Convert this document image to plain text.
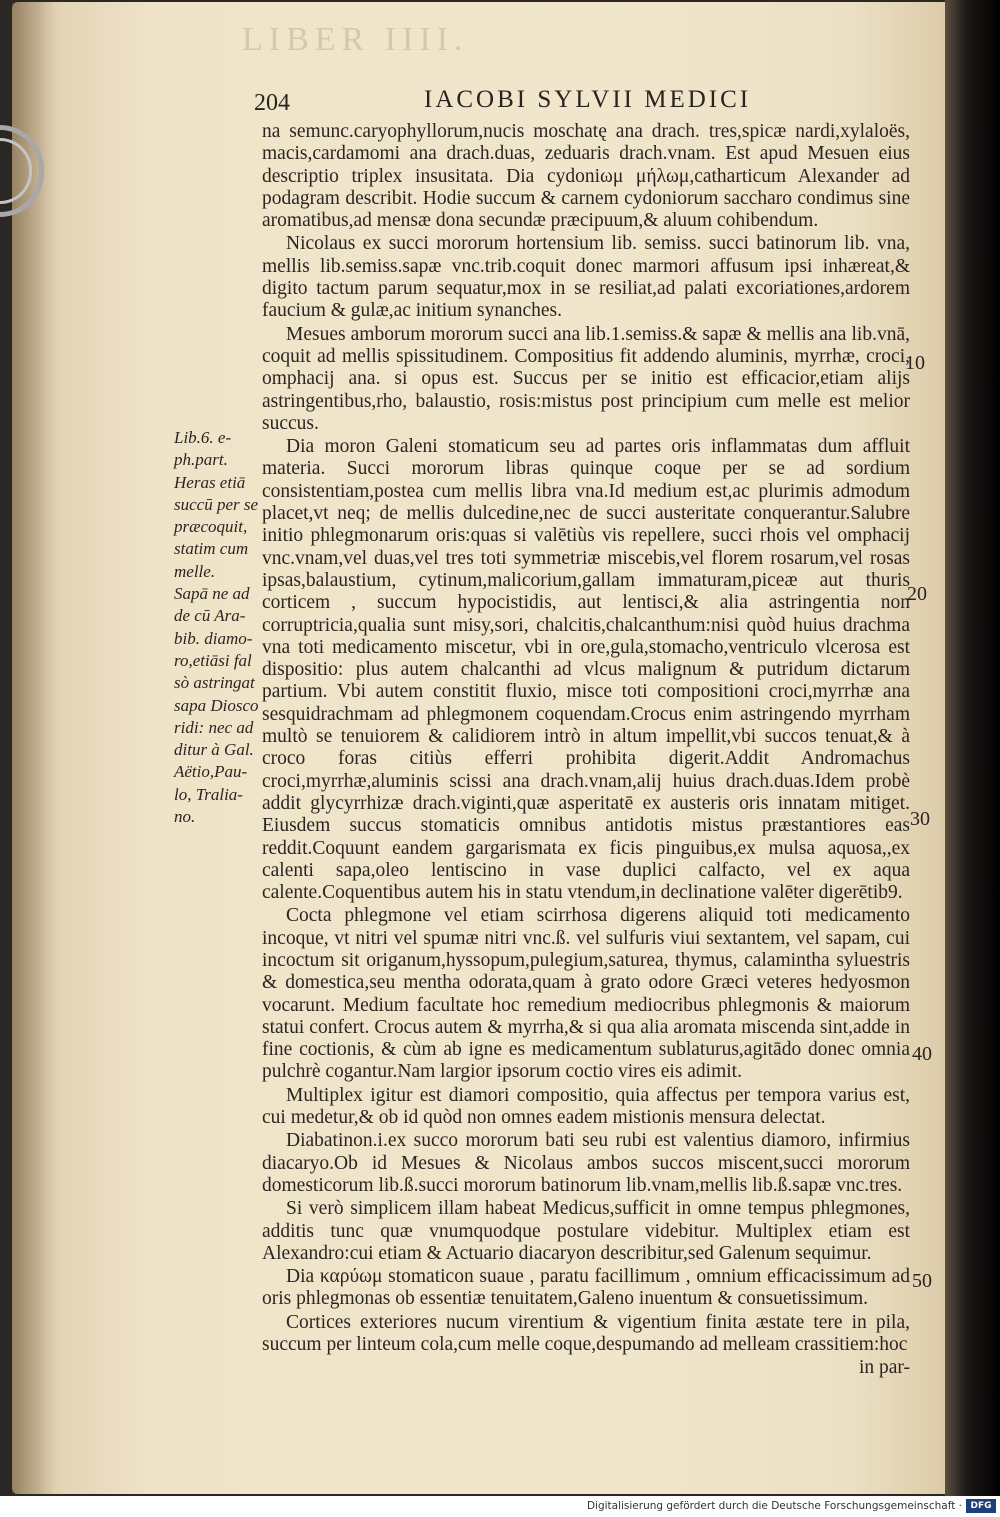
LIBER IIII.
204	IACOBI SYLVII MEDICI

na semunc.caryophyllorum,nucis moschatę ana drach. tres,spicæ nardi,xylaloës, macis,cardamomi ana drach.duas, zeduaris drach.vnam. Est apud Mesuen eius descriptio triplex insusitata. Dia cydoniωμ μήλωμ,catharticum Alexander ad podagram describit. Hodie succum & carnem cydoniorum saccharo condimus sine aromatibus,ad mensæ dona secundæ præcipuum,& aluum cohibendum.

Nicolaus ex succi mororum hortensium lib. semiss. succi batinorum lib. vna, mellis lib.semiss.sapæ vnc.trib.coquit donec marmori affusum ipsi inhæreat,& digito tactum parum sequatur,mox in se resiliat,ad palati excoriationes,ardorem faucium & gulæ,ac initium synanches.

Mesues amborum mororum succi ana lib.1.semiss.& sapæ & mellis ana lib.vnā, coquit ad mellis spissitudinem. Compositius fit addendo aluminis, myrrhæ, croci, omphacij ana. si opus est. Succus per se initio est efficacior,etiam alijs astringentibus,rho, balaustio, rosis:mistus post principium cum melle est melior succus.

Dia moron Galeni stomaticum seu ad partes oris inflammatas dum affluit materia. Succi mororum libras quinque coque per se ad sordium consistentiam,postea cum mellis libra vna.Id medium est,ac plurimis admodum placet,vt neq; de mellis dulcedine,nec de succi austeritate conquerantur.Salubre initio phlegmonarum oris:quas si valētiùs vis repellere, succi rhois vel omphacij vnc.vnam,vel duas,vel tres toti symmetriæ miscebis,vel florem rosarum,vel rosas ipsas,balaustium, cytinum,malicorium,gallam immaturam,piceæ aut thuris corticem , succum hypocistidis, aut lentisci,& alia astringentia non corruptricia,qualia sunt misy,sori, chalcitis,chalcanthum:nisi quòd huius drachma vna toti medicamento miscetur, vbi in ore,gula,stomacho,ventriculo vlcerosa est dispositio: plus autem chalcanthi ad vlcus malignum & putridum dictarum partium. Vbi autem constitit fluxio, misce toti compositioni croci,myrrhæ ana sesquidrachmam ad phlegmonem coquendam.Crocus enim astringendo myrrham multò se tenuiorem & calidiorem intrò in altum impellit,vbi succos tenuat,& à croco foras citiùs efferri prohibita digerit.Addit Andromachus croci,myrrhæ,aluminis scissi ana drach.vnam,alij huius drach.duas.Idem probè addit glycyrrhizæ drach.viginti,quæ asperitatē ex austeris oris innatam mitiget. Eiusdem succus stomaticis omnibus antidotis mistus præstantiores eas reddit.Coquunt eandem gargarismata ex ficis pinguibus,ex mulsa aquosa,,ex calenti sapa,oleo lentiscino in vase duplici calfacto, vel ex aqua calente.Coquentibus autem his in statu vtendum,in declinatione valēter digerētib9.

Cocta phlegmone vel etiam scirrhosa digerens aliquid toti medicamento incoque, vt nitri vel spumæ nitri vnc.ß. vel sulfuris viui sextantem, vel sapam, cui incoctum sit origanum,hyssopum,pulegium,saturea, thymus, calamintha syluestris & domestica,seu mentha odorata,quam à grato odore Græci veteres hedyosmon vocarunt. Medium facultate hoc remedium mediocribus phlegmonis & maiorum statui confert. Crocus autem & myrrha,& si qua alia aromata miscenda sint,adde in fine coctionis, & cùm ab igne es medicamentum sublaturus,agitādo donec omnia pulchrè cogantur.Nam largior ipsorum coctio vires eis adimit.

Multiplex igitur est diamori compositio, quia affectus per tempora varius est, cui medetur,& ob id quòd non omnes eadem mistionis mensura delectat.

Diabatinon.i.ex succo mororum bati seu rubi est valentius diamoro, infirmius diacaryo.Ob id Mesues & Nicolaus ambos succos miscent,succi mororum domesticorum lib.ß.succi mororum batinorum lib.vnam,mellis lib.ß.sapæ vnc.tres.

Si verò simplicem illam habeat Medicus,sufficit in omne tempus phlegmones, additis tunc quæ vnumquodque postulare videbitur. Multiplex etiam est Alexandro:cui etiam & Actuario diacaryon describitur,sed Galenum sequimur.

Dia καρύωμ stomaticon suaue , paratu facillimum , omnium efficacissimum ad oris phlegmonas ob essentiæ tenuitatem,Galeno inuentum & consuetissimum.

Cortices exteriores nucum virentium & vigentium finita æstate tere in pila, succum per linteum cola,cum melle coque,despumando ad melleam crassitiem:hoc

in par-

Lib.6. e-
ph.part.
Heras etiā
succū per se
præcoquit,
statim cum
melle.
Sapā ne ad
de cū Ara-
bib. diamo-
ro,etiāsi fal
sò astringat
sapa Diosco
ridi: nec ad
ditur à Gal.
Aëtio,Pau-
lo, Tralia-
no.
10
20
30
40
50
Digitalisierung gefördert durch die Deutsche Forschungsgemeinschaft · DFG
